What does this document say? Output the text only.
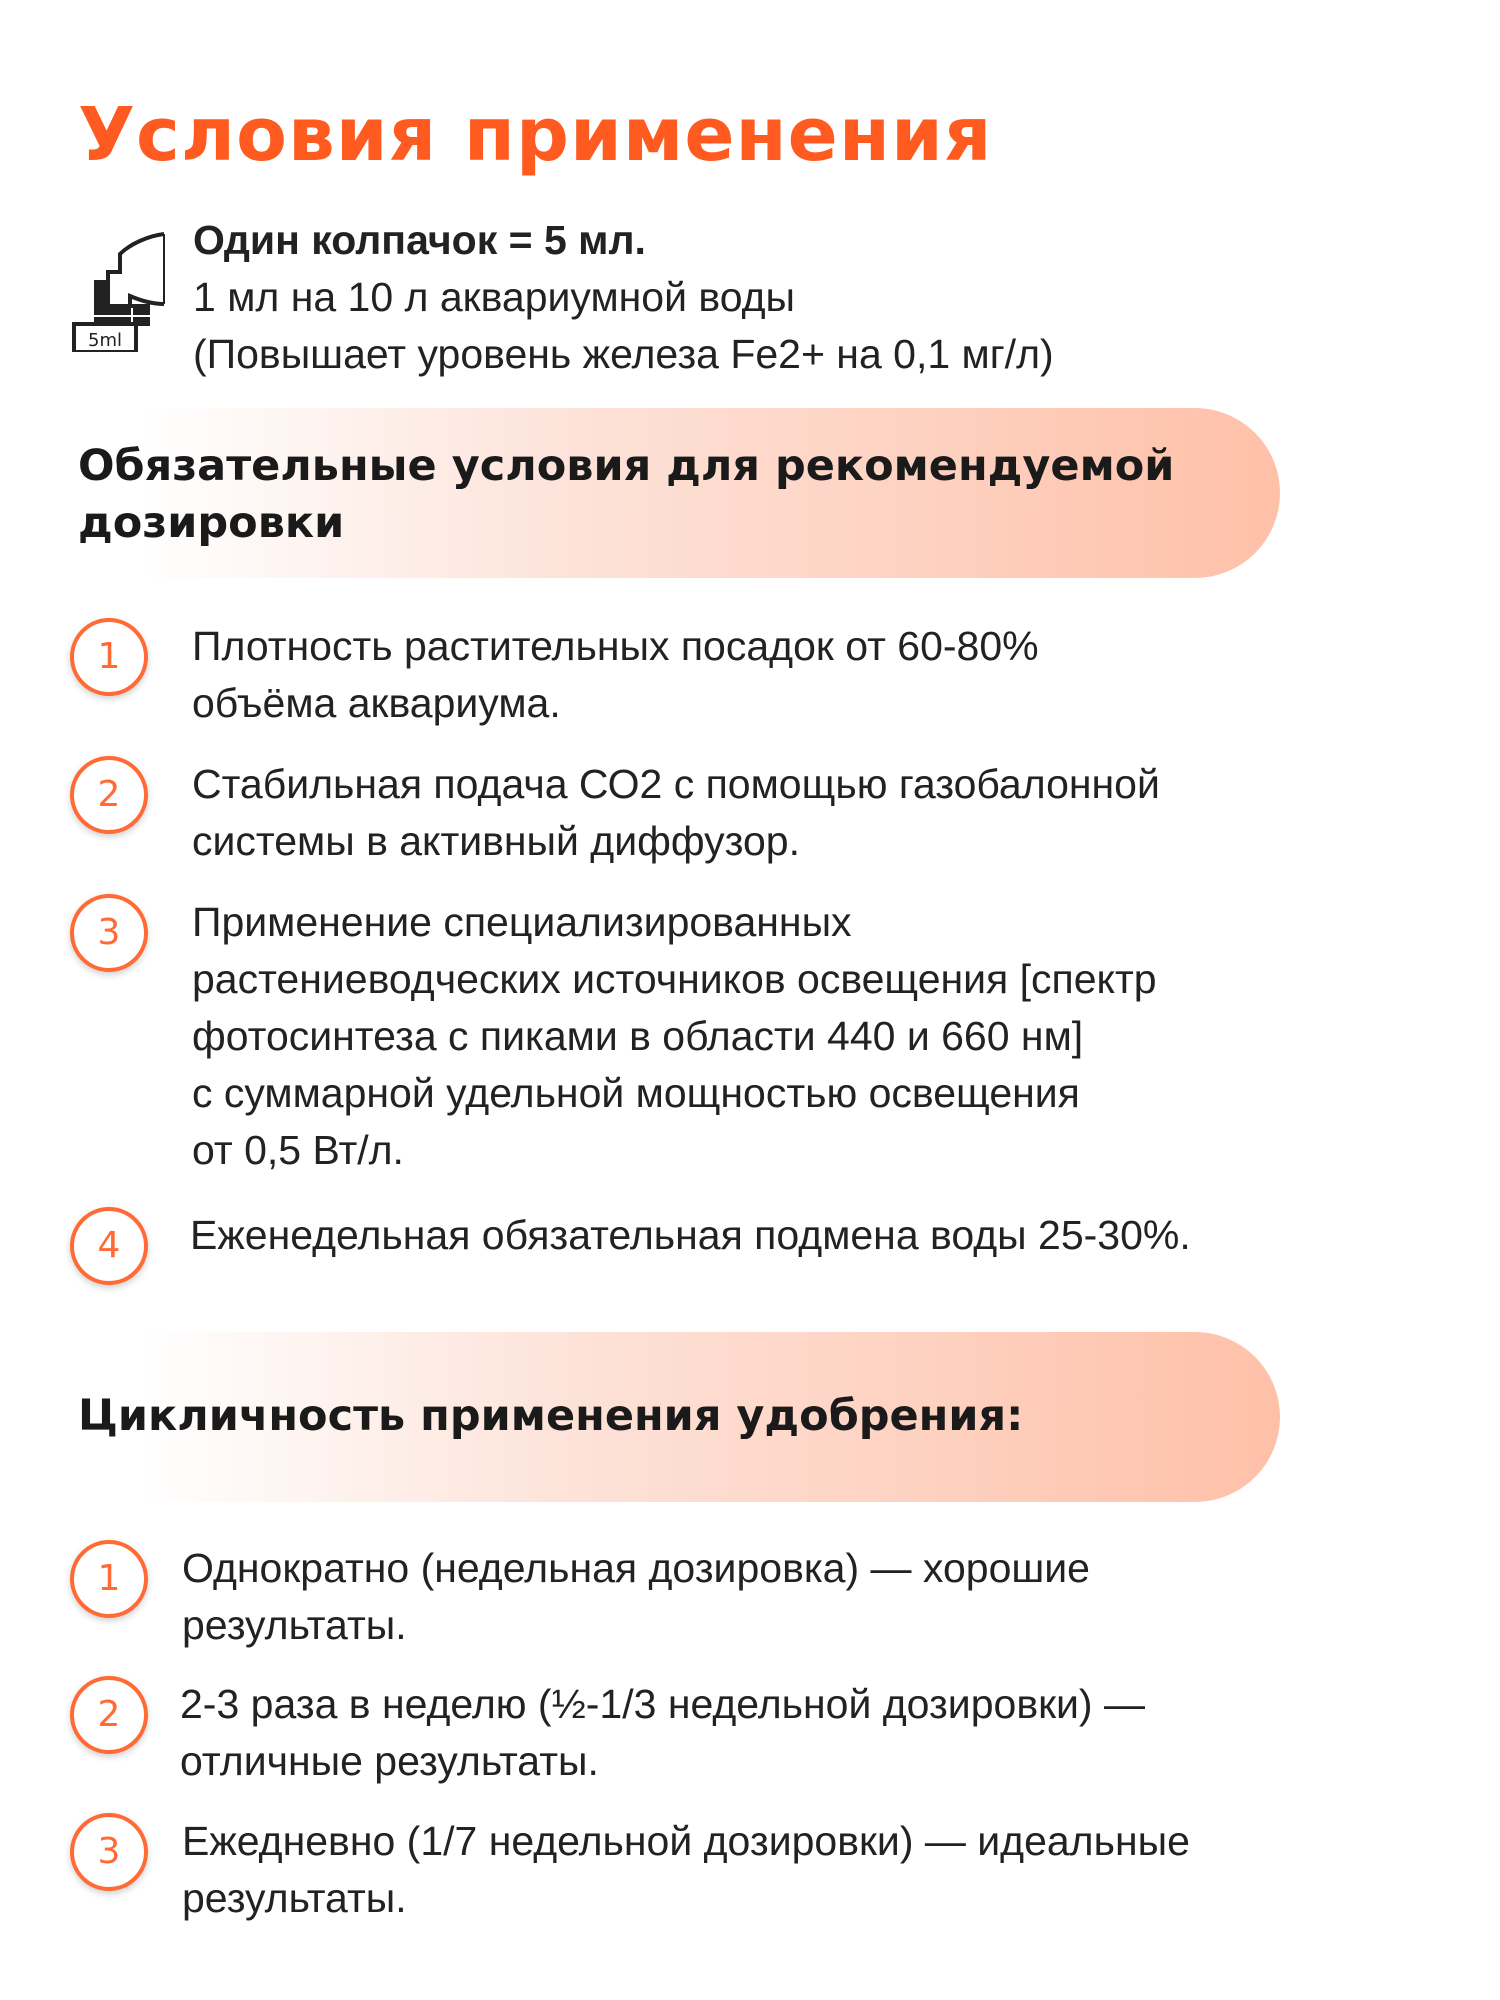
Условия применения
5ml
Один колпачок = 5 мл.
1 мл на 10 л аквариумной воды
(Повышает уровень железа Fe2+ на 0,1 мг/л)
Обязательные условия для рекомендуемой дозировки
1	Плотность растительных посадок от 60-80%
объёма аквариума.
2	Стабильная подача СО2 с помощью газобалонной
системы в активный диффузор.
3	Применение специализированных
растениеводческих источников освещения [спектр
фотосинтеза с пиками в области 440 и 660 нм]
с суммарной удельной мощностью освещения
от 0,5 Вт/л.
4	Еженедельная обязательная подмена воды 25-30%.
Цикличность применения удобрения:
1	Однократно (недельная дозировка) — хорошие
результаты.
2	2-3 раза в неделю (½-1/3 недельной дозировки) —
отличные результаты.
3	Ежедневно (1/7 недельной дозировки) — идеальные
результаты.
